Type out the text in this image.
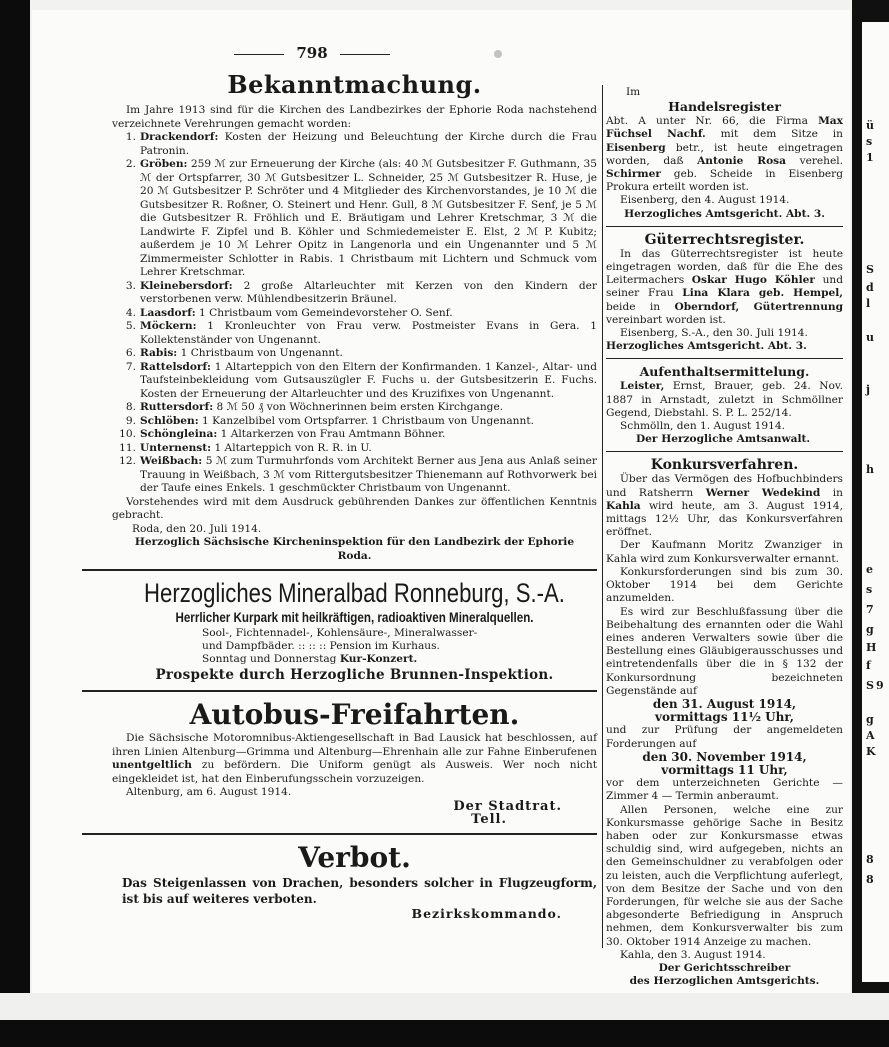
ü
s
1
S
d
l
u
j
h
e
s
7
g
H
f
S 9
g
A
K
8
8
798
Bekanntmachung.

Im Jahre 1913 sind für die Kirchen des Landbezirkes der Ephorie Roda nachstehend verzeichnete Verehrungen gemacht worden:

1. Drackendorf: Kosten der Heizung und Beleuchtung der Kirche durch die Frau Patronin.
2. Gröben: 259 ℳ zur Erneuerung der Kirche (als: 40 ℳ Gutsbesitzer F. Guthmann, 35 ℳ der Ortspfarrer, 30 ℳ Gutsbesitzer L. Schneider, 25 ℳ Gutsbesitzer R. Huse, je 20 ℳ Gutsbesitzer P. Schröter und 4 Mitglieder des Kirchenvorstandes, je 10 ℳ die Gutsbesitzer R. Roßner, O. Steinert und Henr. Gull, 8 ℳ Gutsbesitzer F. Senf, je 5 ℳ die Gutsbesitzer R. Fröhlich und E. Bräutigam und Lehrer Kretschmar, 3 ℳ die Landwirte F. Zipfel und B. Köhler und Schmiedemeister E. Elst, 2 ℳ P. Kubitz; außerdem je 10 ℳ Lehrer Opitz in Langenorla und ein Ungenannter und 5 ℳ Zimmermeister Schlotter in Rabis. 1 Christbaum mit Lichtern und Schmuck vom Lehrer Kretschmar.
3. Kleinebersdorf: 2 große Altarleuchter mit Kerzen von den Kindern der verstorbenen verw. Mühlendbesitzerin Bräunel.
4. Laasdorf: 1 Christbaum vom Gemeindevorsteher O. Senf.
5. Möckern: 1 Kronleuchter von Frau verw. Postmeister Evans in Gera. 1 Kollektenständer von Ungenannt.
6. Rabis: 1 Christbaum von Ungenannt.
7. Rattelsdorf: 1 Altarteppich von den Eltern der Konfirmanden. 1 Kanzel-, Altar- und Taufsteinbekleidung vom Gutsauszügler F. Fuchs u. der Gutsbesitzerin E. Fuchs. Kosten der Erneuerung der Altarleuchter und des Kruzifixes von Ungenannt.
8. Ruttersdorf: 8 ℳ 50 ₰ von Wöchnerinnen beim ersten Kirchgange.
9. Schlöben: 1 Kanzelbibel vom Ortspfarrer. 1 Christbaum von Ungenannt.
10. Schöngleina: 1 Altarkerzen von Frau Amtmann Böhner.
11. Unternenst: 1 Altarteppich von R. R. in U.
12. Weißbach: 5 ℳ zum Turmuhrfonds vom Architekt Berner aus Jena aus Anlaß seiner Trauung in Weißbach, 3 ℳ vom Rittergutsbesitzer Thienemann auf Rothvorwerk bei der Taufe eines Enkels. 1 geschmückter Christbaum von Ungenannt.

Vorstehendes wird mit dem Ausdruck gebührenden Dankes zur öffentlichen Kenntnis gebracht.

Roda, den 20. Juli 1914.

Herzoglich Sächsische Kircheninspektion für den Landbezirk der Ephorie Roda.

Herzogliches Mineralbad Ronneburg, S.-A.
Herrlicher Kurpark mit heilkräftigen, radioaktiven Mineralquellen.
Sool-, Fichtennadel-, Kohlensäure-, Mineralwasser-
und Dampfbäder. :: :: :: Pension im Kurhaus.
Sonntag und Donnerstag Kur-Konzert.
Prospekte durch Herzogliche Brunnen-Inspektion.
Autobus-Freifahrten.

Die Sächsische Motoromnibus-Aktiengesellschaft in Bad Lausick hat beschlossen, auf ihren Linien Altenburg—Grimma und Altenburg—Ehrenhain alle zur Fahne Einberufenen unentgeltlich zu befördern. Die Uniform genügt als Ausweis. Wer noch nicht eingekleidet ist, hat den Einberufungsschein vorzuzeigen.

Altenburg, am 6. August 1914.

Der Stadtrat.
Tell.
Verbot.

Das Steigenlassen von Drachen, besonders solcher in Flugzeugform, ist bis auf weiteres verboten.

Bezirkskommando.
Im
Handelsregister

Abt. A unter Nr. 66, die Firma Max Füchsel Nachf. mit dem Sitze in Eisenberg betr., ist heute eingetragen worden, daß Antonie Rosa verehel. Schirmer geb. Scheide in Eisenberg Prokura erteilt worden ist.

Eisenberg, den 4. August 1914.

Herzogliches Amtsgericht. Abt. 3.

Güterrechtsregister.

In das Güterrechtsregister ist heute eingetragen worden, daß für die Ehe des Leitermachers Oskar Hugo Köhler und seiner Frau Lina Klara geb. Hempel, beide in Oberndorf, Gütertrennung vereinbart worden ist.

Eisenberg, S.-A., den 30. Juli 1914.

Herzogliches Amtsgericht. Abt. 3.

Aufenthaltsermittelung.

Leister, Ernst, Brauer, geb. 24. Nov. 1887 in Arnstadt, zuletzt in Schmöllner Gegend, Diebstahl. S. P. L. 252/14.

Schmölln, den 1. August 1914.

Der Herzogliche Amtsanwalt.

Konkursverfahren.

Über das Vermögen des Hofbuchbinders und Ratsherrn Werner Wedekind in Kahla wird heute, am 3. August 1914, mittags 12½ Uhr, das Konkursverfahren eröffnet.

Der Kaufmann Moritz Zwanziger in Kahla wird zum Konkursverwalter ernannt.

Konkursforderungen sind bis zum 30. Oktober 1914 bei dem Gerichte anzumelden.

Es wird zur Beschlußfassung über die Beibehaltung des ernannten oder die Wahl eines anderen Verwalters sowie über die Bestellung eines Gläubigerausschusses und eintretendenfalls über die in § 132 der Konkursordnung bezeichneten Gegenstände auf

den 31. August 1914,
vormittags 11½ Uhr,

und zur Prüfung der angemeldeten Forderungen auf

den 30. November 1914,
vormittags 11 Uhr,

vor dem unterzeichneten Gerichte — Zimmer 4 — Termin anberaumt.

Allen Personen, welche eine zur Konkursmasse gehörige Sache in Besitz haben oder zur Konkursmasse etwas schuldig sind, wird aufgegeben, nichts an den Gemeinschuldner zu verabfolgen oder zu leisten, auch die Verpflichtung auferlegt, von dem Besitze der Sache und von den Forderungen, für welche sie aus der Sache abgesonderte Befriedigung in Anspruch nehmen, dem Konkursverwalter bis zum 30. Oktober 1914 Anzeige zu machen.

Kahla, den 3. August 1914.

Der Gerichtsschreiber

des Herzoglichen Amtsgerichts.
